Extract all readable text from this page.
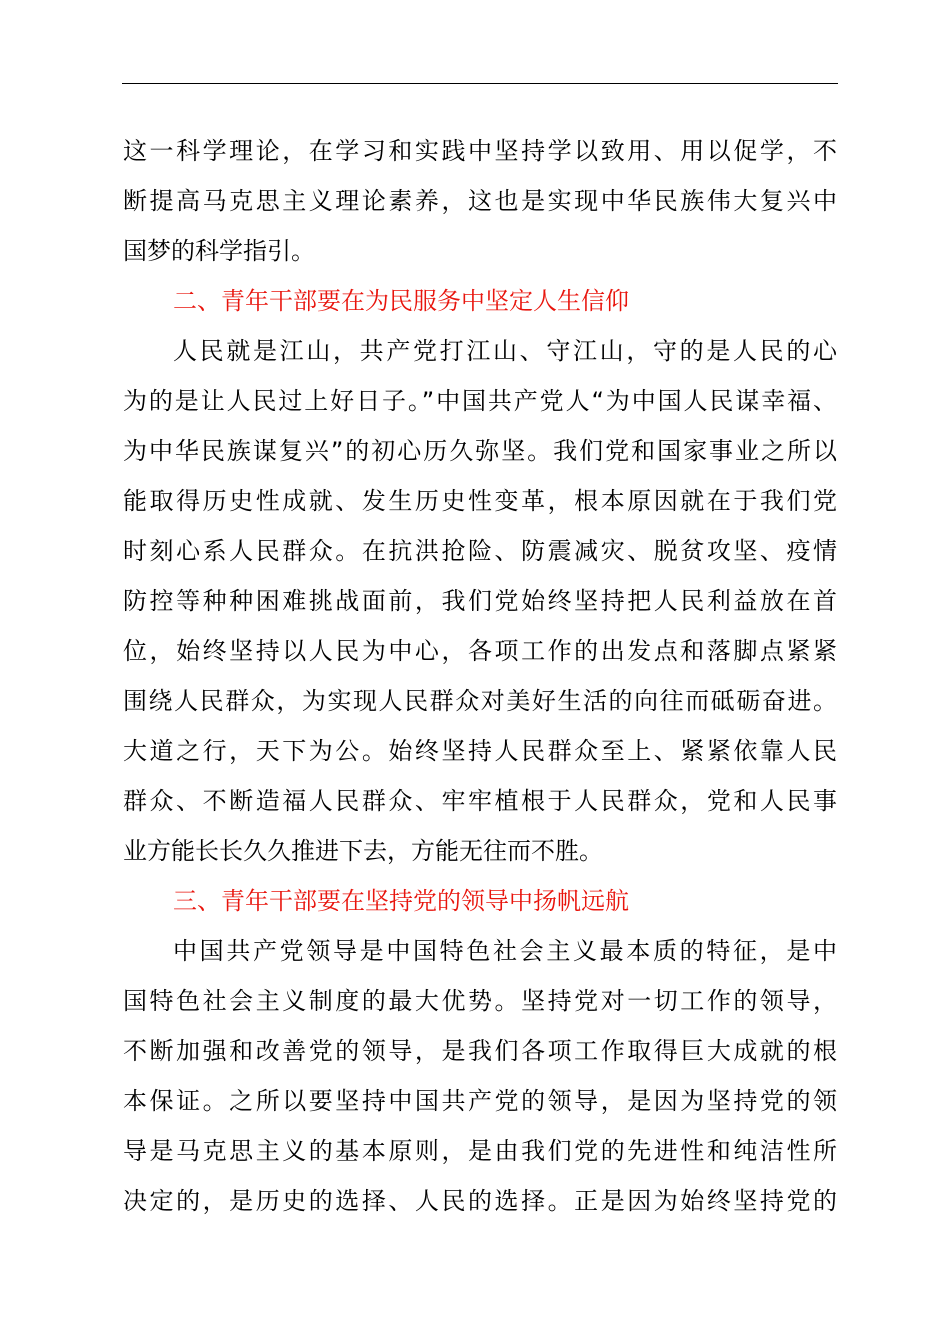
这一科学理论，在学习和实践中坚持学以致用、用以促学，不
断提高马克思主义理论素养，这也是实现中华民族伟大复兴中
国梦的科学指引。
二、青年干部要在为民服务中坚定人生信仰
人民就是江山，共产党打江山、守江山，守的是人民的心
为的是让人民过上好日子。”中国共产党人“为中国人民谋幸福、
为中华民族谋复兴”的初心历久弥坚。我们党和国家事业之所以
能取得历史性成就、发生历史性变革，根本原因就在于我们党
时刻心系人民群众。在抗洪抢险、防震减灾、脱贫攻坚、疫情
防控等种种困难挑战面前，我们党始终坚持把人民利益放在首
位，始终坚持以人民为中心，各项工作的出发点和落脚点紧紧
围绕人民群众，为实现人民群众对美好生活的向往而砥砺奋进。
大道之行，天下为公。始终坚持人民群众至上、紧紧依靠人民
群众、不断造福人民群众、牢牢植根于人民群众，党和人民事
业方能长长久久推进下去，方能无往而不胜。
三、青年干部要在坚持党的领导中扬帆远航
中国共产党领导是中国特色社会主义最本质的特征，是中
国特色社会主义制度的最大优势。坚持党对一切工作的领导，
不断加强和改善党的领导，是我们各项工作取得巨大成就的根
本保证。之所以要坚持中国共产党的领导，是因为坚持党的领
导是马克思主义的基本原则，是由我们党的先进性和纯洁性所
决定的，是历史的选择、人民的选择。正是因为始终坚持党的
